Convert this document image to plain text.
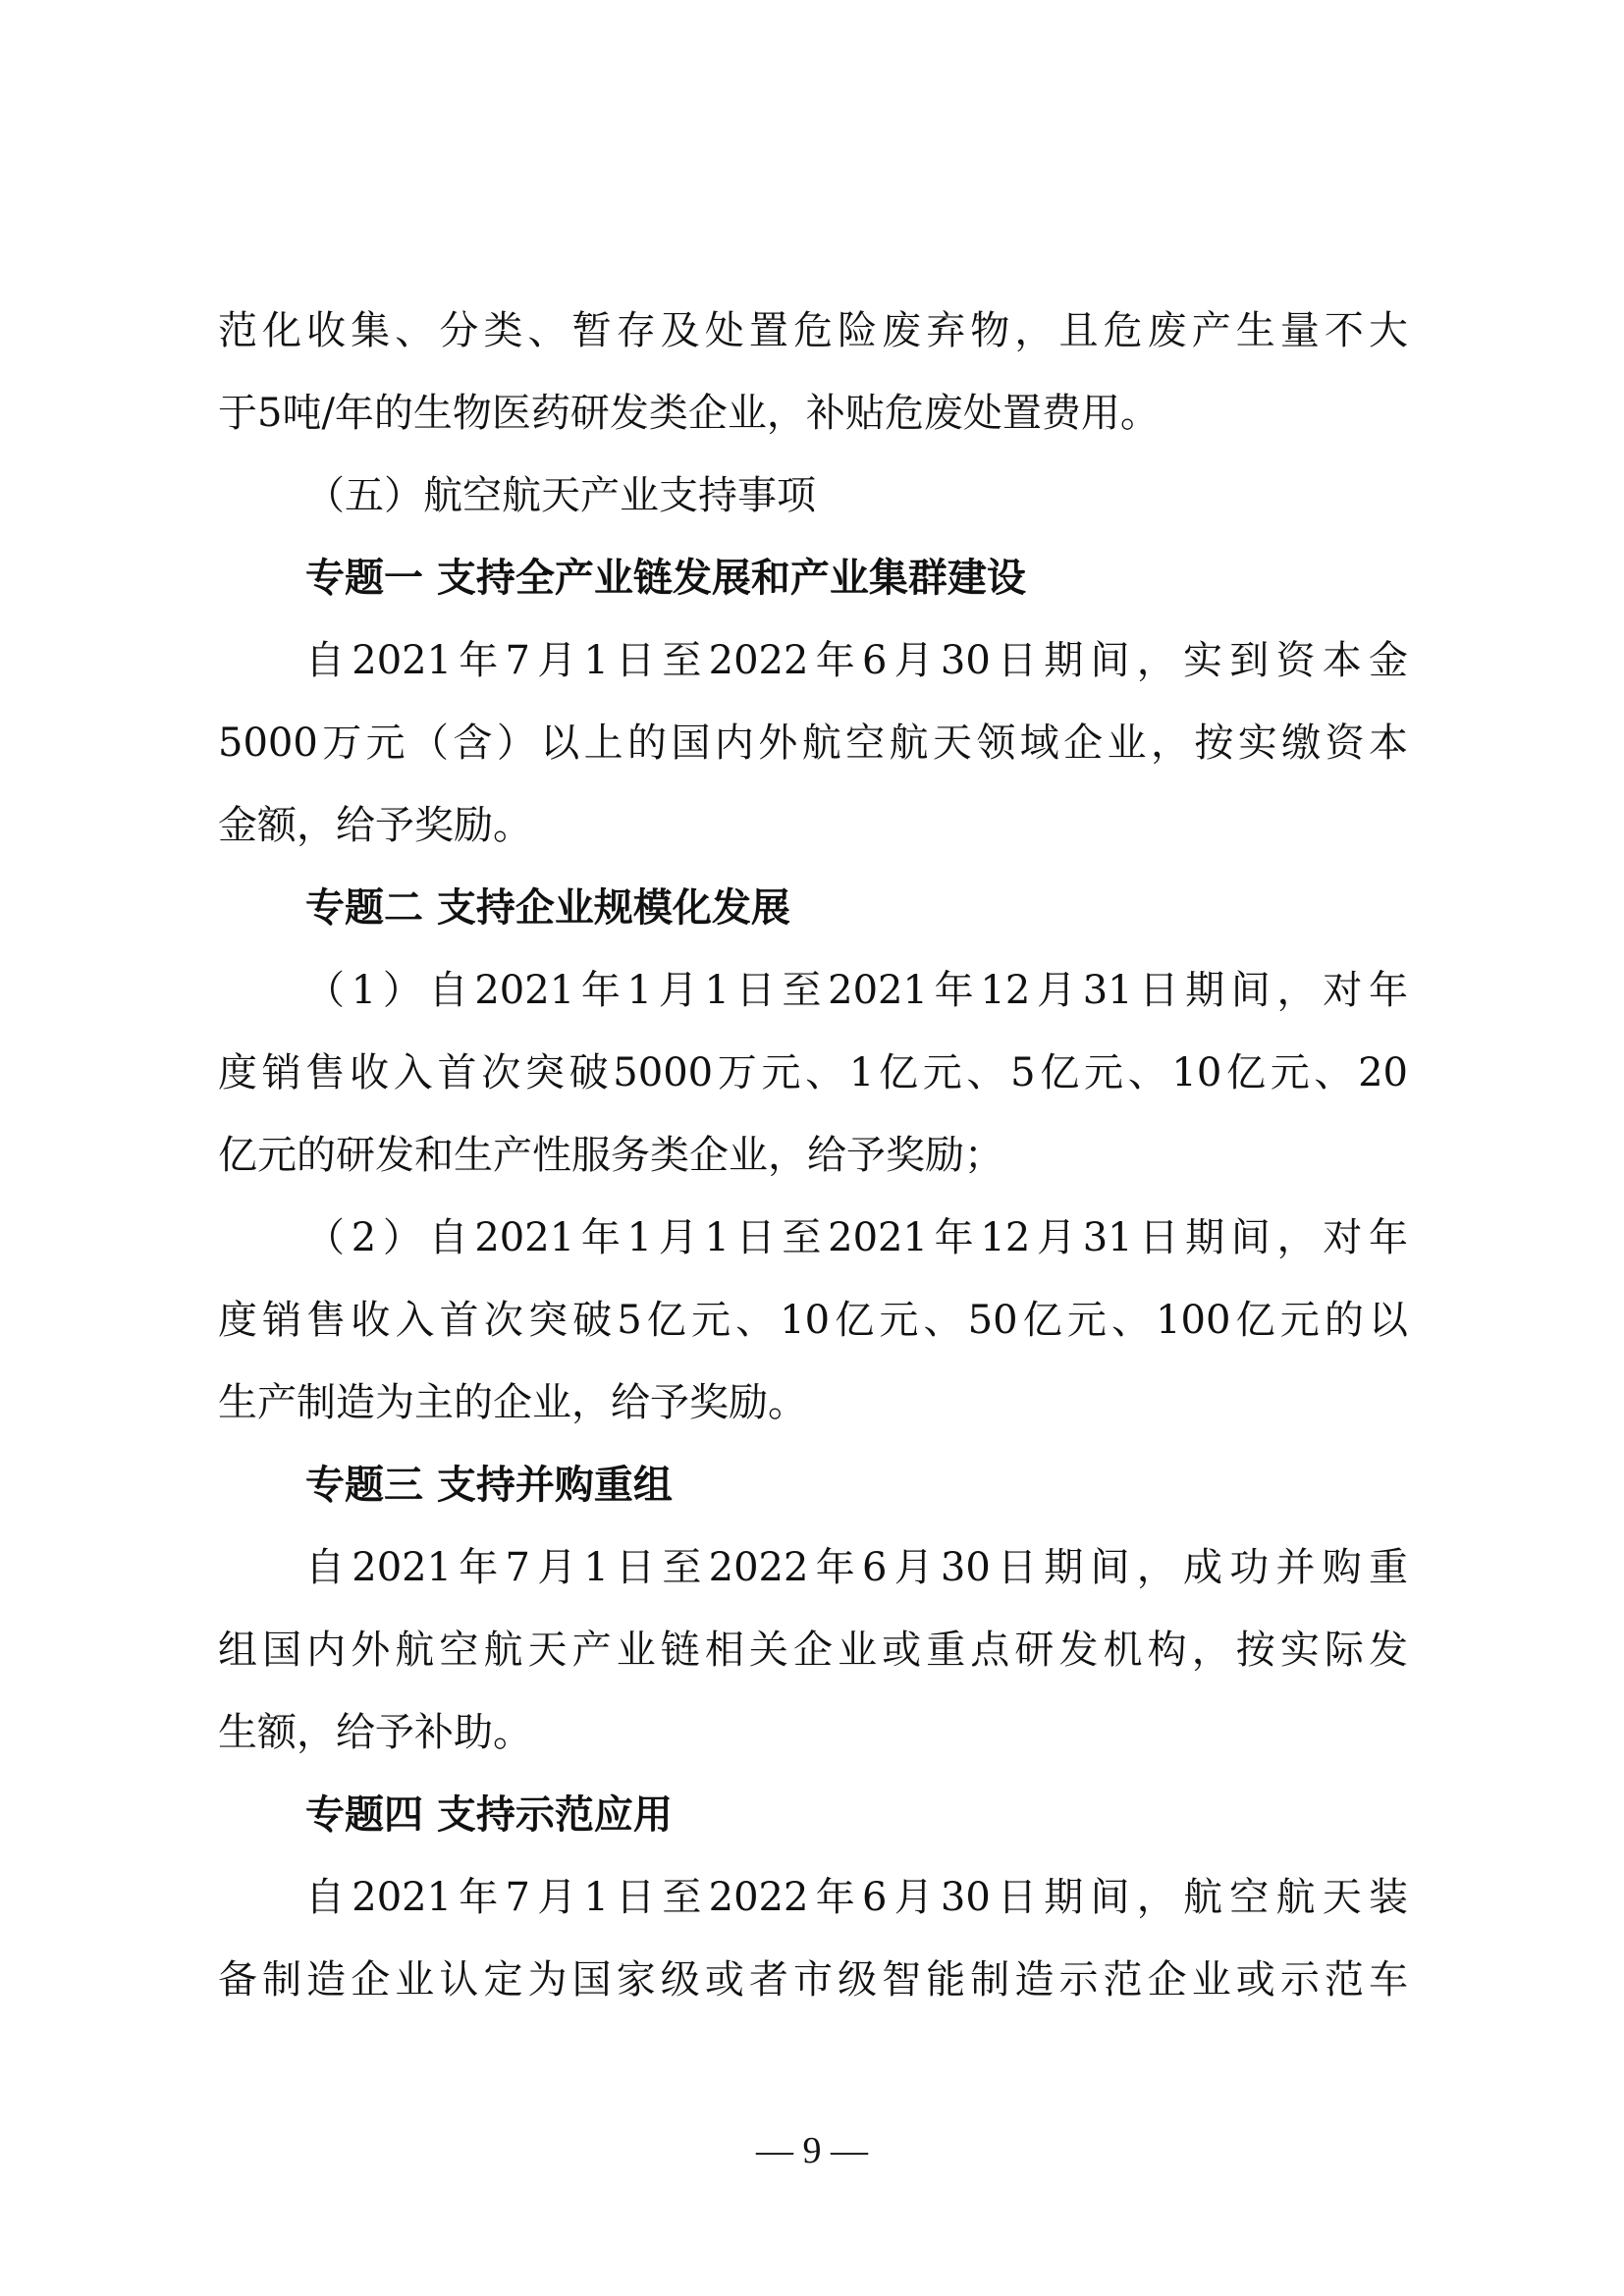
范化收集、分类、暂存及处置危险废弃物，且危废产生量不大
于5吨/年的生物医药研发类企业，补贴危废处置费用。
（五）航空航天产业支持事项
专题一 支持全产业链发展和产业集群建设
自2021年7月1日至2022年6月30日期间，实到资本金
5000万元（含）以上的国内外航空航天领域企业，按实缴资本
金额，给予奖励。
专题二 支持企业规模化发展
（1）自2021年1月1日至2021年12月31日期间，对年
度销售收入首次突破5000万元、1亿元、5亿元、10亿元、20
亿元的研发和生产性服务类企业，给予奖励；
（2）自2021年1月1日至2021年12月31日期间，对年
度销售收入首次突破5亿元、10亿元、50亿元、100亿元的以
生产制造为主的企业，给予奖励。
专题三 支持并购重组
自2021年7月1日至2022年6月30日期间，成功并购重
组国内外航空航天产业链相关企业或重点研发机构，按实际发
生额，给予补助。
专题四 支持示范应用
自2021年7月1日至2022年6月30日期间，航空航天装
备制造企业认定为国家级或者市级智能制造示范企业或示范车
— 9 —
